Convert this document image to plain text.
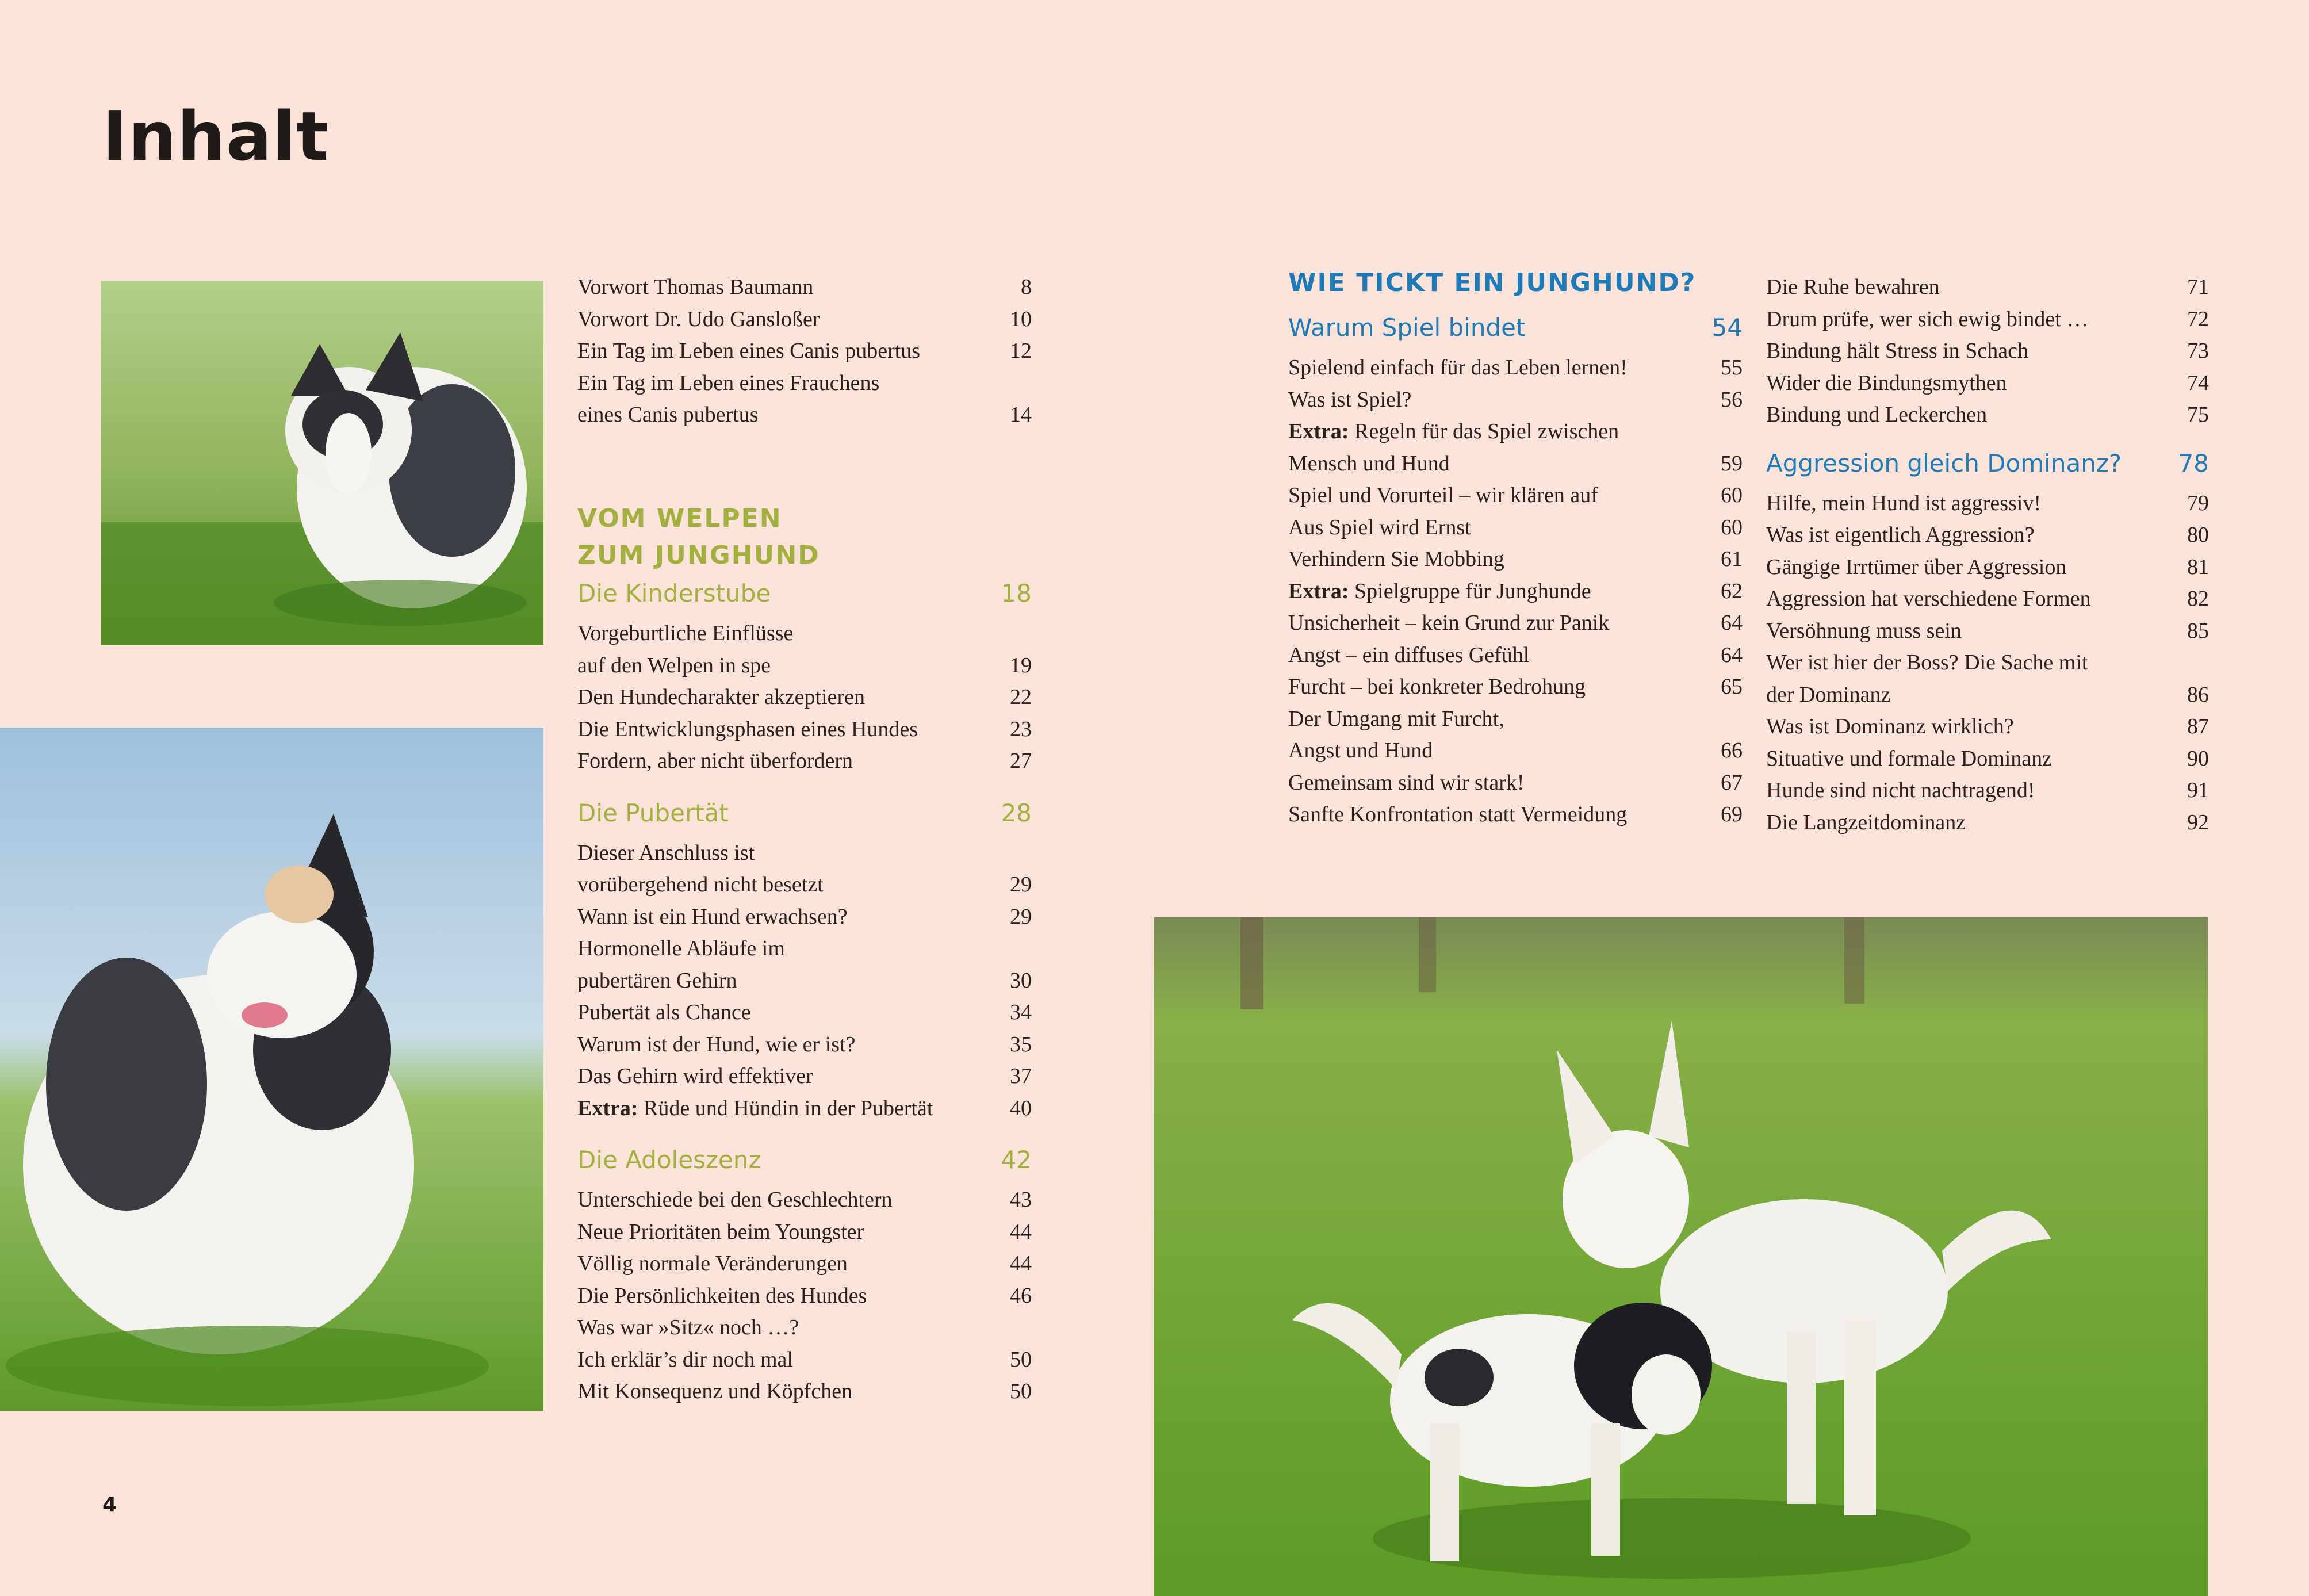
Inhalt
Vorwort Thomas Baumann	8
Vorwort Dr. Udo Gansloßer	10
Ein Tag im Leben eines Canis pubertus	12
Ein Tag im Leben eines Frauchens
eines Canis pubertus	14
VOM WELPEN
ZUM JUNGHUND
Die Kinderstube	18
Vorgeburtliche Einflüsse
auf den Welpen in spe	19
Den Hundecharakter akzeptieren	22
Die Entwicklungsphasen eines Hundes	23
Fordern, aber nicht überfordern	27
Die Pubertät	28
Dieser Anschluss ist
vorübergehend nicht besetzt	29
Wann ist ein Hund erwachsen?	29
Hormonelle Abläufe im
pubertären Gehirn	30
Pubertät als Chance	34
Warum ist der Hund, wie er ist?	35
Das Gehirn wird effektiver	37
Extra: Rüde und Hündin in der Pubertät	40
Die Adoleszenz	42
Unterschiede bei den Geschlechtern	43
Neue Prioritäten beim Youngster	44
Völlig normale Veränderungen	44
Die Persönlichkeiten des Hundes	46
Was war »Sitz« noch …?
Ich erklär’s dir noch mal	50
Mit Konsequenz und Köpfchen	50
WIE TICKT EIN JUNGHUND?
Warum Spiel bindet	54
Spielend einfach für das Leben lernen!	55
Was ist Spiel?	56
Extra: Regeln für das Spiel zwischen
Mensch und Hund	59
Spiel und Vorurteil – wir klären auf	60
Aus Spiel wird Ernst	60
Verhindern Sie Mobbing	61
Extra: Spielgruppe für Junghunde	62
Unsicherheit – kein Grund zur Panik	64
Angst – ein diffuses Gefühl	64
Furcht – bei konkreter Bedrohung	65
Der Umgang mit Furcht,
Angst und Hund	66
Gemeinsam sind wir stark!	67
Sanfte Konfrontation statt Vermeidung	69
Die Ruhe bewahren	71
Drum prüfe, wer sich ewig bindet …	72
Bindung hält Stress in Schach	73
Wider die Bindungsmythen	74
Bindung und Leckerchen	75
Aggression gleich Dominanz? 78
Hilfe, mein Hund ist aggressiv!	79
Was ist eigentlich Aggression?	80
Gängige Irrtümer über Aggression	81
Aggression hat verschiedene Formen	82
Versöhnung muss sein	85
Wer ist hier der Boss? Die Sache mit
der Dominanz	86
Was ist Dominanz wirklich?	87
Situative und formale Dominanz	90
Hunde sind nicht nachtragend!	91
Die Langzeitdominanz	92
4
